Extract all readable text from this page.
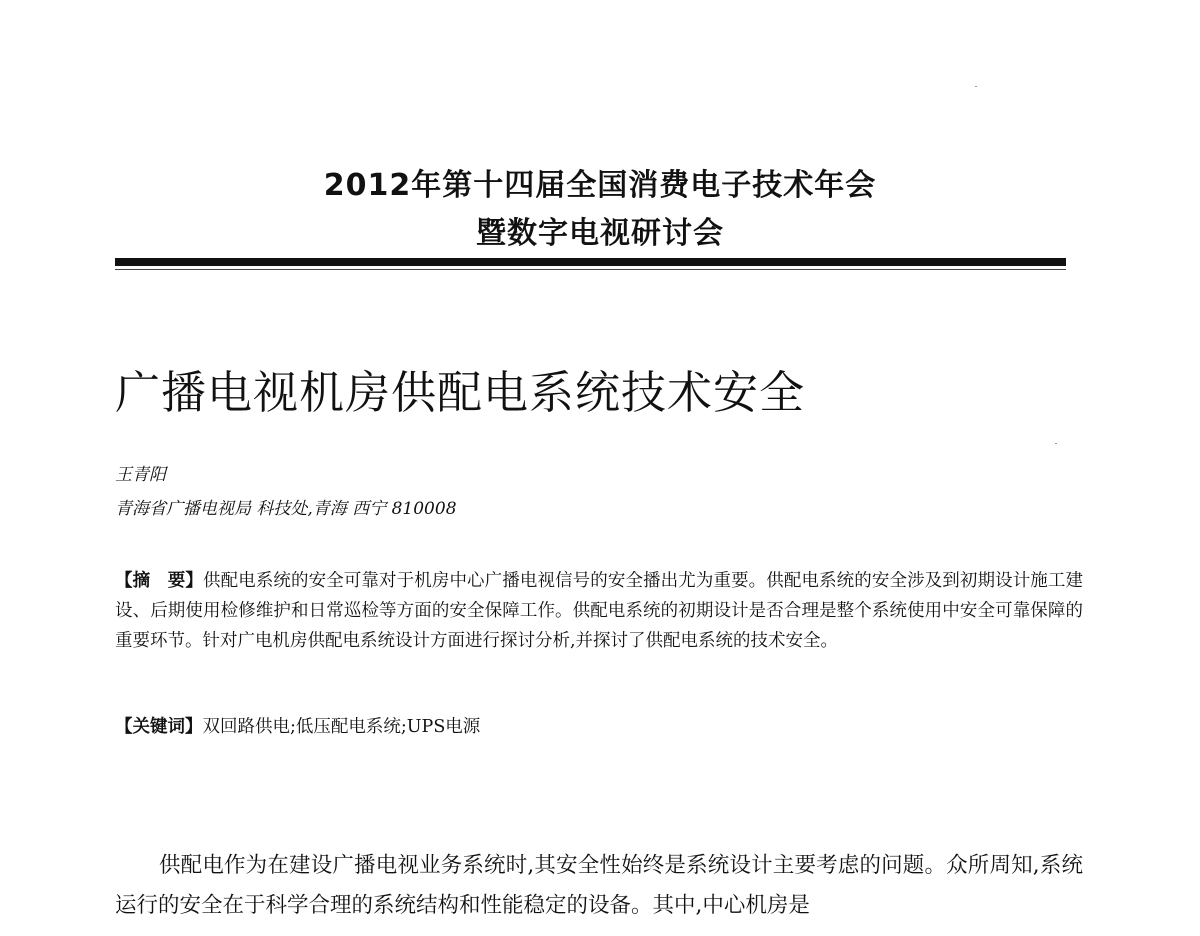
2012年第十四届全国消费电子技术年会
暨数字电视研讨会
广播电视机房供配电系统技术安全
王青阳
青海省广播电视局 科技处,青海 西宁 810008
【摘　要】供配电系统的安全可靠对于机房中心广播电视信号的安全播出尤为重要。供配电系统的安全涉及到初期设计施工建设、后期使用检修维护和日常巡检等方面的安全保障工作。供配电系统的初期设计是否合理是整个系统使用中安全可靠保障的重要环节。针对广电机房供配电系统设计方面进行探讨分析,并探讨了供配电系统的技术安全。
【关键词】双回路供电;低压配电系统;UPS电源
供配电作为在建设广播电视业务系统时,其安全性始终是系统设计主要考虑的问题。众所周知,系统运行的安全在于科学合理的系统结构和性能稳定的设备。其中,中心机房是
